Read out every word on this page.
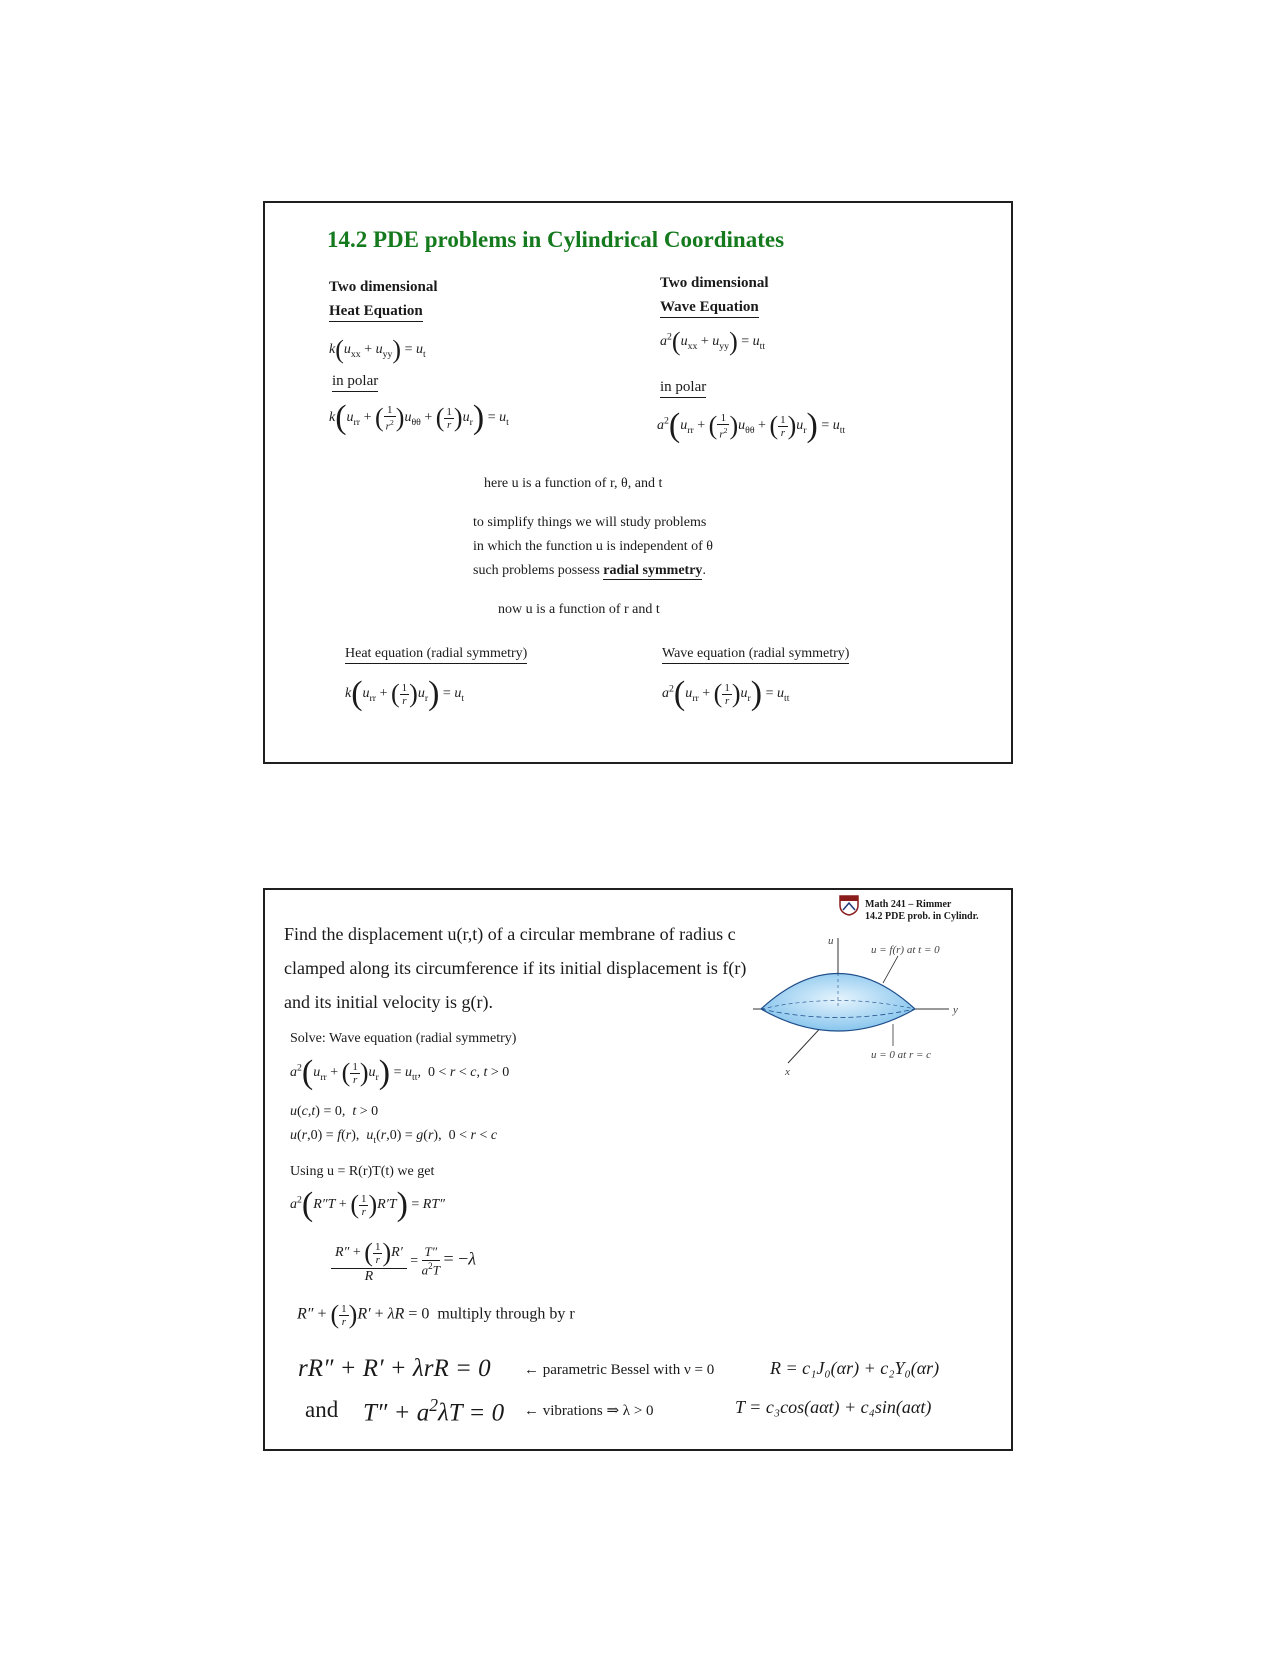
14.2 PDE problems in Cylindrical Coordinates
Two dimensional
Heat Equation
$k(u_{xx} + u_{yy}) = u_t$
in polar
$k(u_{rr}$ + ( $\frac{1}{r^2} )u_{\theta\theta}$ + ( $\frac{1}{r} )u_r) = u_t$
Two dimensional
Wave Equation
$a^2(u_{xx} + u_{yy}) = u_{tt}$
in polar
$a^2(u_{rr}$ + ( $\frac{1}{r^2} )u_{\theta\theta}$ + ( $\frac{1}{r} )u_r) = u_{tt}$
here u is a function of r, θ, and t
to simplify things we will study problems
in which the function u is independent of θ
such problems possess radial symmetry.
now u is a function of r and t
Heat equation (radial symmetry)
$k(u_{rr}$ + ( $\frac{1}{r} )u_r) = u_t$
Wave equation (radial symmetry)
$a^2(u_{rr}$ + ( $\frac{1}{r} )u_r) = u_{tt}$
Math 241 – Rimmer
14.2 PDE prob. in Cylindr.
Find the displacement u(r,t) of a circular membrane of radius c
clamped along its circumference if its initial displacement is f(r)
and its initial velocity is g(r).
u
y
x
u = f(r) at t = 0
u = 0 at r = c
Solve: Wave equation (radial symmetry)
$a^2(u_{rr}$ + ( $\frac{1}{r} )u_r) = u_{tt}$,  0 < r < c, t > 0
u(c,t) = 0,  t > 0
u(r,0) = f(r),  $u_t(r,0) = g(r)$,  0 < r < c
Using u = R(r)T(t) we get
$a^2(R''T$ + ( $\frac{1}{r} )R'T) = RT''$
$\frac{R'' + ( \frac{1}{r} )R'}{R} = \frac{T''}{a^2T} = -\lambda$
R″ + ( $\frac{1}{r} )R' + \lambda R = 0$  multiply through by r
rR″ + R′ + λrR = 0 ← parametric Bessel with ν = 0	R = c₁J₀(αr) + c₂Y₀(αr)
and $T'' + a^2\lambda T = 0$ ← vibrations ⇒ λ > 0	T = c₃cos(aαt) + c₄sin(aαt)
